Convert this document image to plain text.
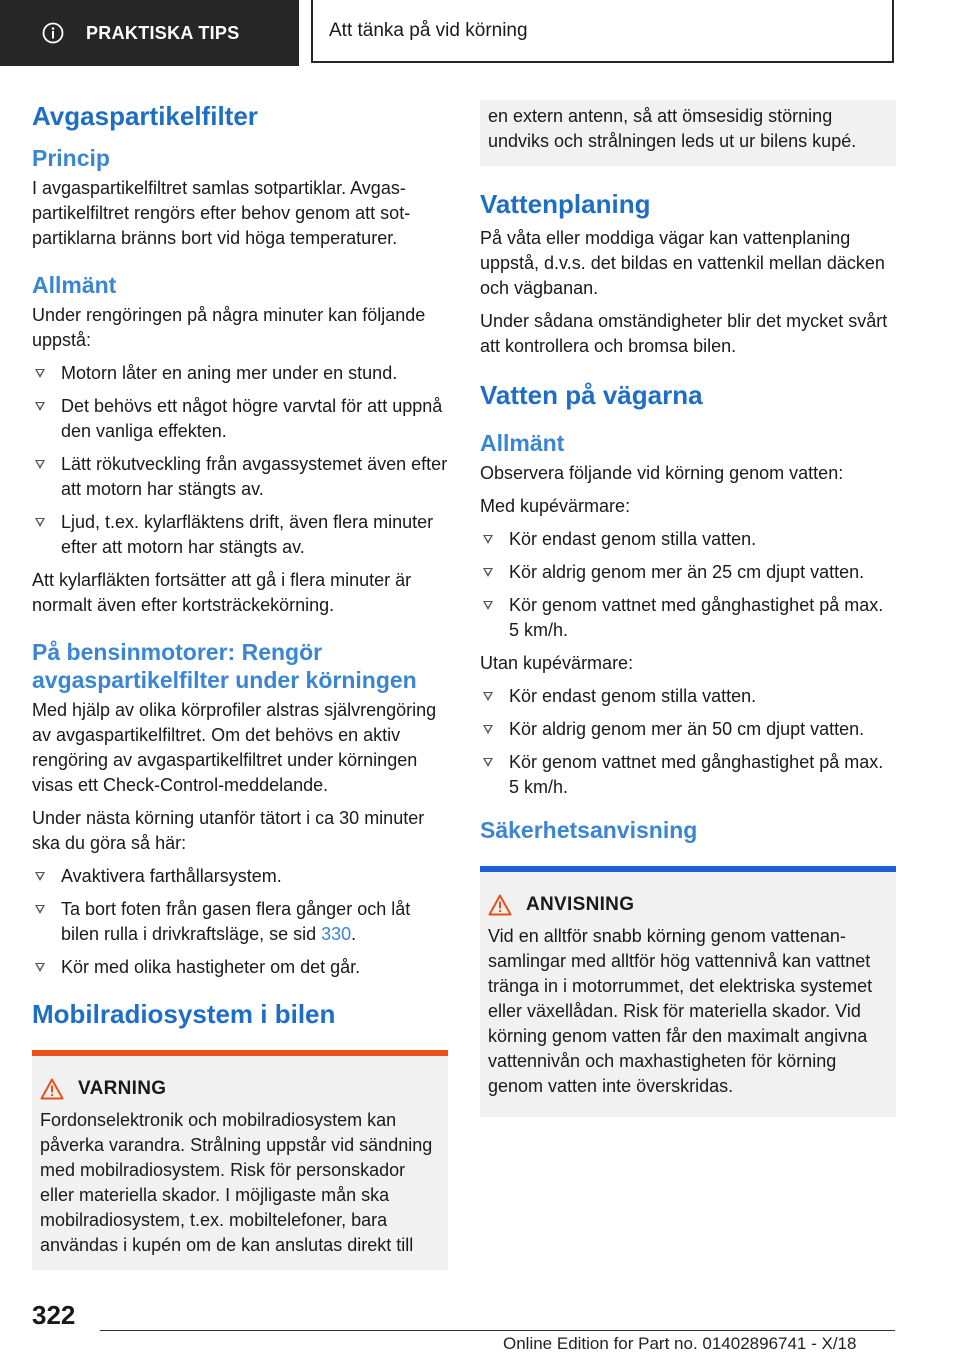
PRAKTISKA TIPS	Att tänka på vid körning
Avgaspartikelfilter
Princip

I avgaspartikelfiltret samlas sotpartiklar. Avgaspartikelfiltret rengörs efter behov genom att sotpartiklarna bränns bort vid höga temperaturer.

Allmänt

Under rengöringen på några minuter kan följande uppstå:

Motorn låter en aning mer under en stund.
Det behövs ett något högre varvtal för att uppnå den vanliga effekten.
Lätt rökutveckling från avgassystemet även efter att motorn har stängts av.
Ljud, t.ex. kylarfläktens drift, även flera minuter efter att motorn har stängts av.

Att kylarfläkten fortsätter att gå i flera minuter är normalt även efter kortsträckekörning.

På bensinmotorer: Rengör avgaspartikelfilter under körningen

Med hjälp av olika körprofiler alstras självrengöring av avgaspartikelfiltret. Om det behövs en aktiv rengöring av avgaspartikelfiltret under körningen visas ett Check-Control-meddelande.

Under nästa körning utanför tätort i ca 30 minuter ska du göra så här:

Avaktivera farthållarsystem.
Ta bort foten från gasen flera gånger och låt bilen rulla i drivkraftsläge, se sid 330.
Kör med olika hastigheter om det går.
Mobilradiosystem i bilen
VARNING

Fordonselektronik och mobilradiosystem kan påverka varandra. Strålning uppstår vid sändning med mobilradiosystem. Risk för personskador eller materiella skador. I möjligaste mån ska mobilradiosystem, t.ex. mobiltelefoner, bara användas i kupén om de kan anslutas direkt till

en extern antenn, så att ömsesidig störning undviks och strålningen leds ut ur bilens kupé.

Vattenplaning

På våta eller moddiga vägar kan vattenplaning uppstå, d.v.s. det bildas en vattenkil mellan däcken och vägbanan.

Under sådana omständigheter blir det mycket svårt att kontrollera och bromsa bilen.

Vatten på vägarna
Allmänt

Observera följande vid körning genom vatten:

Med kupévärmare:

Kör endast genom stilla vatten.
Kör aldrig genom mer än 25 cm djupt vatten.
Kör genom vattnet med gånghastighet på max. 5 km/h.

Utan kupévärmare:

Kör endast genom stilla vatten.
Kör aldrig genom mer än 50 cm djupt vatten.
Kör genom vattnet med gånghastighet på max. 5 km/h.
Säkerhetsanvisning
ANVISNING

Vid en alltför snabb körning genom vattenansamlingar med alltför hög vattennivå kan vattnet tränga in i motorrummet, det elektriska systemet eller växellådan. Risk för materiella skador. Vid körning genom vatten får den maximalt angivna vattennivån och maxhastigheten för körning genom vatten inte överskridas.

322
Online Edition for Part no. 01402896741 - X/18
